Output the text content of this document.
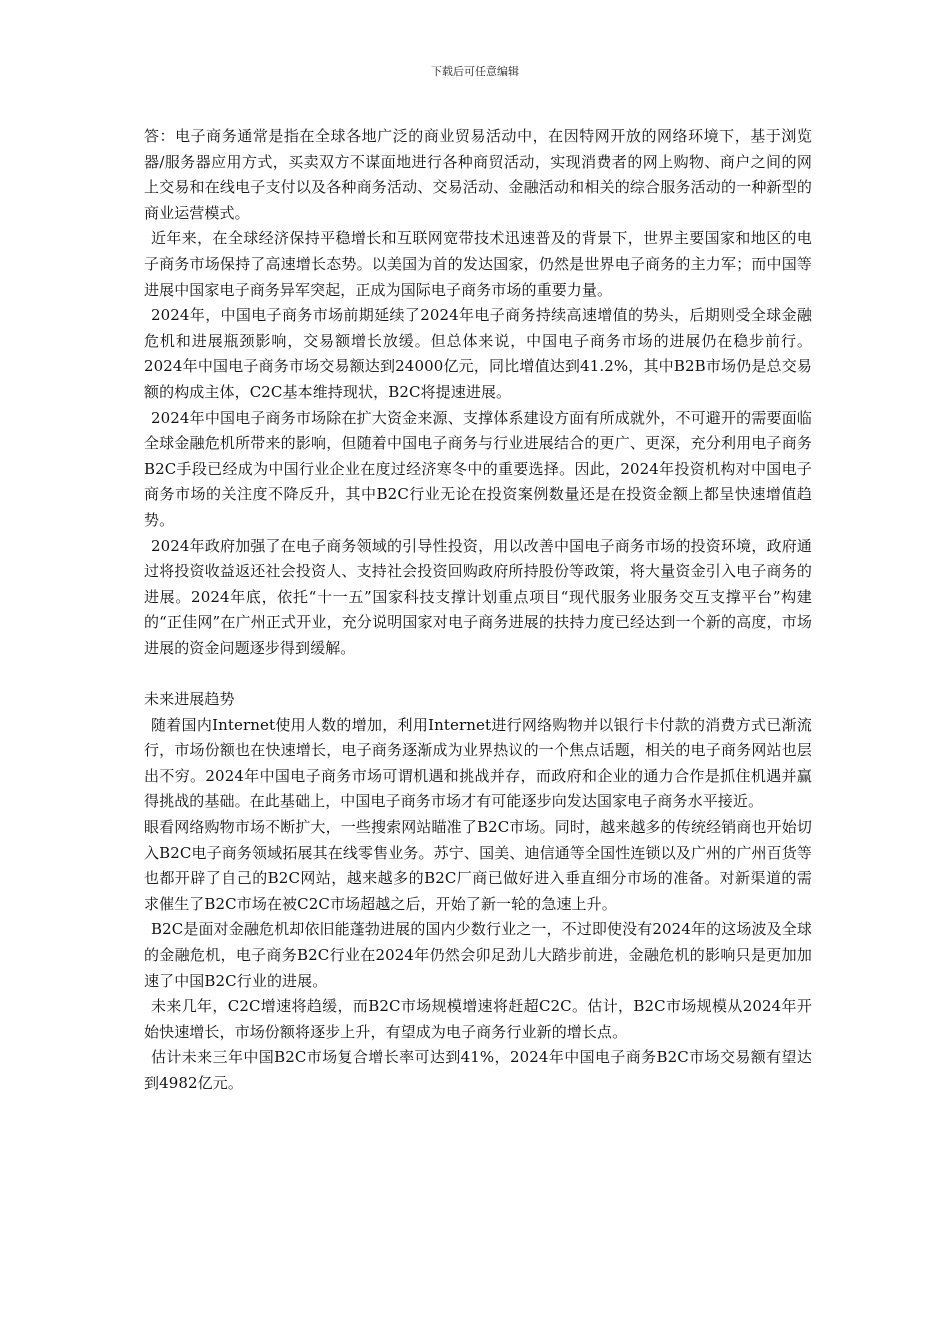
下载后可任意编辑

答：电子商务通常是指在全球各地广泛的商业贸易活动中，在因特网开放的网络环境下，基于浏览器/服务器应用方式，买卖双方不谋面地进行各种商贸活动，实现消费者的网上购物、商户之间的网上交易和在线电子支付以及各种商务活动、交易活动、金融活动和相关的综合服务活动的一种新型的商业运营模式。

近年来，在全球经济保持平稳增长和互联网宽带技术迅速普及的背景下，世界主要国家和地区的电子商务市场保持了高速增长态势。以美国为首的发达国家，仍然是世界电子商务的主力军；而中国等进展中国家电子商务异军突起，正成为国际电子商务市场的重要力量。

2024年，中国电子商务市场前期延续了2024年电子商务持续高速增值的势头，后期则受全球金融危机和进展瓶颈影响，交易额增长放缓。但总体来说，中国电子商务市场的进展仍在稳步前行。2024年中国电子商务市场交易额达到24000亿元，同比增值达到41.2%，其中B2B市场仍是总交易额的构成主体，C2C基本维持现状，B2C将提速进展。

2024年中国电子商务市场除在扩大资金来源、支撑体系建设方面有所成就外，不可避开的需要面临全球金融危机所带来的影响，但随着中国电子商务与行业进展结合的更广、更深，充分利用电子商务B2C手段已经成为中国行业企业在度过经济寒冬中的重要选择。因此，2024年投资机构对中国电子商务市场的关注度不降反升，其中B2C行业无论在投资案例数量还是在投资金额上都呈快速增值趋势。

2024年政府加强了在电子商务领域的引导性投资，用以改善中国电子商务市场的投资环境，政府通过将投资收益返还社会投资人、支持社会投资回购政府所持股份等政策，将大量资金引入电子商务的进展。2024年底，依托“十一五”国家科技支撑计划重点项目“现代服务业服务交互支撑平台”构建的“正佳网”在广州正式开业，充分说明国家对电子商务进展的扶持力度已经达到一个新的高度，市场进展的资金问题逐步得到缓解。

未来进展趋势

随着国内Internet使用人数的增加，利用Internet进行网络购物并以银行卡付款的消费方式已渐流行，市场份额也在快速增长，电子商务逐渐成为业界热议的一个焦点话题，相关的电子商务网站也层出不穷。2024年中国电子商务市场可谓机遇和挑战并存，而政府和企业的通力合作是抓住机遇并赢得挑战的基础。在此基础上，中国电子商务市场才有可能逐步向发达国家电子商务水平接近。

眼看网络购物市场不断扩大，一些搜索网站瞄准了B2C市场。同时，越来越多的传统经销商也开始切入B2C电子商务领域拓展其在线零售业务。苏宁、国美、迪信通等全国性连锁以及广州的广州百货等也都开辟了自己的B2C网站，越来越多的B2C厂商已做好进入垂直细分市场的准备。对新渠道的需求催生了B2C市场在被C2C市场超越之后，开始了新一轮的急速上升。

B2C是面对金融危机却依旧能蓬勃进展的国内少数行业之一，不过即使没有2024年的这场波及全球的金融危机，电子商务B2C行业在2024年仍然会卯足劲儿大踏步前进，金融危机的影响只是更加加速了中国B2C行业的进展。

未来几年，C2C增速将趋缓，而B2C市场规模增速将赶超C2C。估计，B2C市场规模从2024年开始快速增长，市场份额将逐步上升，有望成为电子商务行业新的增长点。

估计未来三年中国B2C市场复合增长率可达到41%，2024年中国电子商务B2C市场交易额有望达到4982亿元。
